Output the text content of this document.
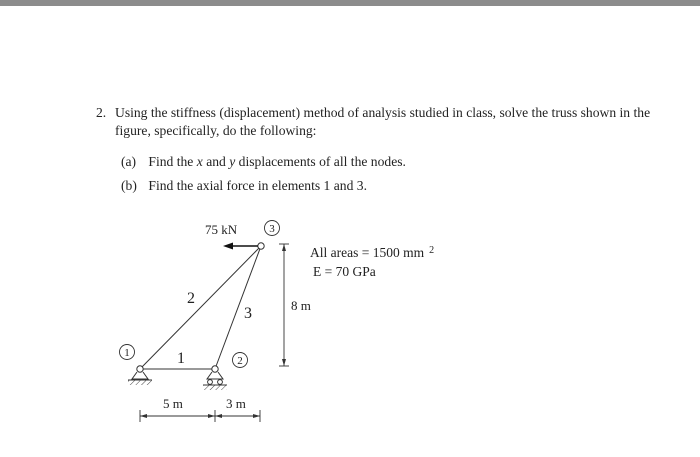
2. Using the stiffness (displacement) method of analysis studied in class, solve the truss shown in the figure, specifically, do the following:
(a) Find the x and y displacements of all the nodes.
(b) Find the axial force in elements 1 and 3.
75 kN
1
2
3
1
2
3	8 m
5 m	3 m
All areas = 1500 mm $^2$
E = 70 GPa
